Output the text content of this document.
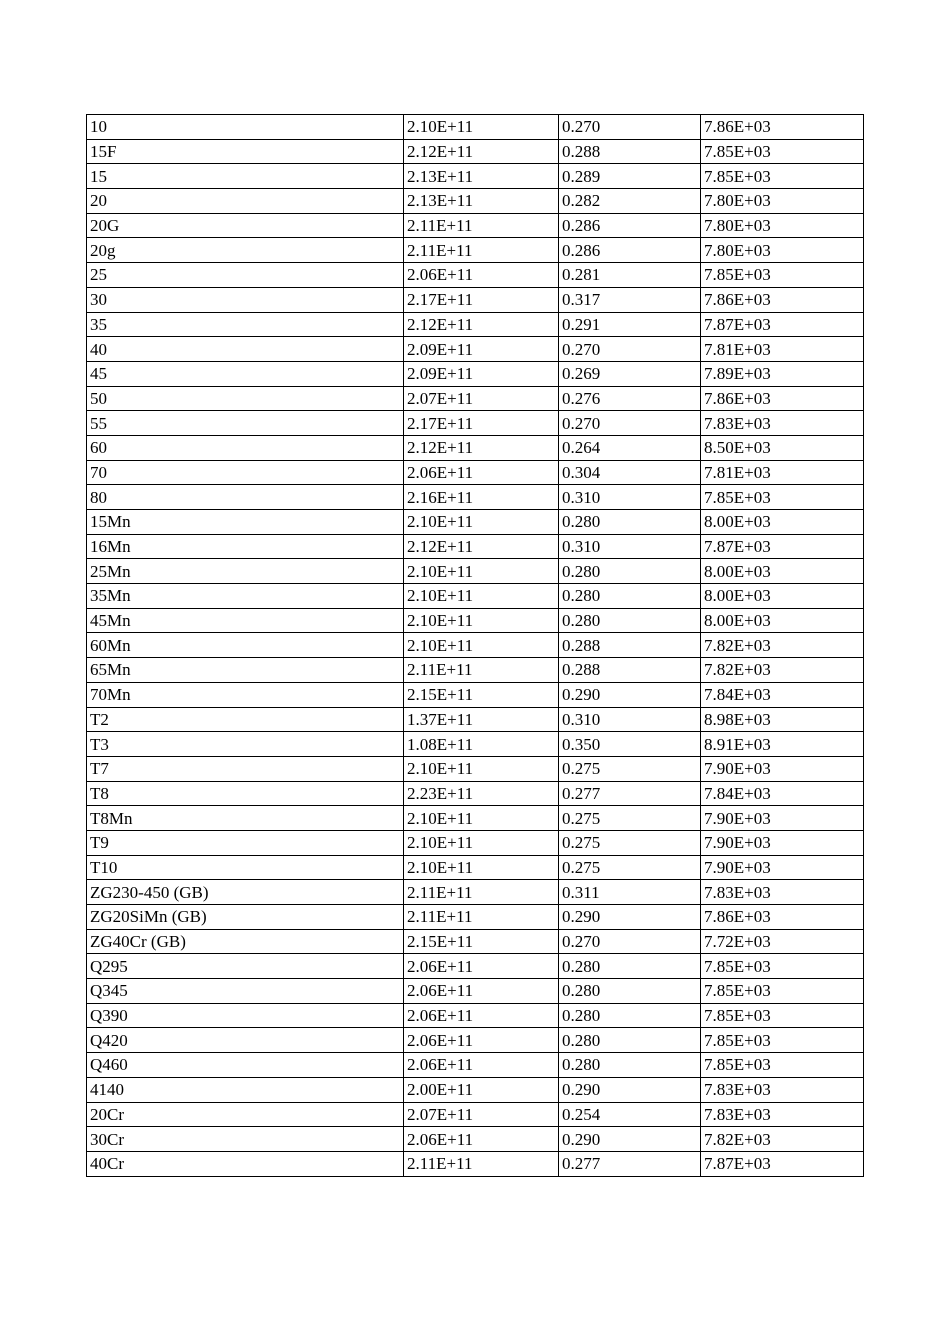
10	2.10E+11	0.270	7.86E+03
15F	2.12E+11	0.288	7.85E+03
15	2.13E+11	0.289	7.85E+03
20	2.13E+11	0.282	7.80E+03
20G	2.11E+11	0.286	7.80E+03
20g	2.11E+11	0.286	7.80E+03
25	2.06E+11	0.281	7.85E+03
30	2.17E+11	0.317	7.86E+03
35	2.12E+11	0.291	7.87E+03
40	2.09E+11	0.270	7.81E+03
45	2.09E+11	0.269	7.89E+03
50	2.07E+11	0.276	7.86E+03
55	2.17E+11	0.270	7.83E+03
60	2.12E+11	0.264	8.50E+03
70	2.06E+11	0.304	7.81E+03
80	2.16E+11	0.310	7.85E+03
15Mn	2.10E+11	0.280	8.00E+03
16Mn	2.12E+11	0.310	7.87E+03
25Mn	2.10E+11	0.280	8.00E+03
35Mn	2.10E+11	0.280	8.00E+03
45Mn	2.10E+11	0.280	8.00E+03
60Mn	2.10E+11	0.288	7.82E+03
65Mn	2.11E+11	0.288	7.82E+03
70Mn	2.15E+11	0.290	7.84E+03
T2	1.37E+11	0.310	8.98E+03
T3	1.08E+11	0.350	8.91E+03
T7	2.10E+11	0.275	7.90E+03
T8	2.23E+11	0.277	7.84E+03
T8Mn	2.10E+11	0.275	7.90E+03
T9	2.10E+11	0.275	7.90E+03
T10	2.10E+11	0.275	7.90E+03
ZG230-450 (GB)	2.11E+11	0.311	7.83E+03
ZG20SiMn (GB)	2.11E+11	0.290	7.86E+03
ZG40Cr (GB)	2.15E+11	0.270	7.72E+03
Q295	2.06E+11	0.280	7.85E+03
Q345	2.06E+11	0.280	7.85E+03
Q390	2.06E+11	0.280	7.85E+03
Q420	2.06E+11	0.280	7.85E+03
Q460	2.06E+11	0.280	7.85E+03
4140	2.00E+11	0.290	7.83E+03
20Cr	2.07E+11	0.254	7.83E+03
30Cr	2.06E+11	0.290	7.82E+03
40Cr	2.11E+11	0.277	7.87E+03
